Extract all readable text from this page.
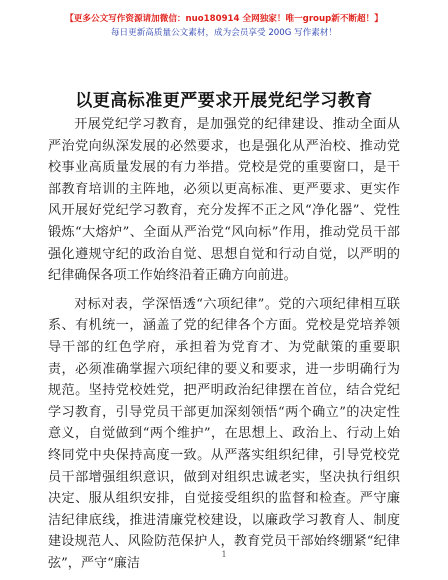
【更多公文写作资源请加微信：nuo180914 全网独家！唯一group新不断超！】
每日更新高质量公文素材，成为会员享受 200G 写作素材！
以更高标准更严要求开展党纪学习教育

开展党纪学习教育，是加强党的纪律建设、推动全面从严治党向纵深发展的必然要求，也是强化从严治校、推动党校事业高质量发展的有力举措。党校是党的重要窗口，是干部教育培训的主阵地，必须以更高标准、更严要求、更实作风开展好党纪学习教育，充分发挥不正之风“净化器”、党性锻炼“大熔炉”、全面从严治党“风向标”作用，推动党员干部强化遵规守纪的政治自觉、思想自觉和行动自觉，以严明的纪律确保各项工作始终沿着正确方向前进。

对标对表，学深悟透“六项纪律”。党的六项纪律相互联系、有机统一，涵盖了党的纪律各个方面。党校是党培养领导干部的红色学府，承担着为党育才、为党献策的重要职责，必须准确掌握六项纪律的要义和要求，进一步明确行为规范。坚持党校姓党，把严明政治纪律摆在首位，结合党纪学习教育，引导党员干部更加深刻领悟“两个确立”的决定性意义，自觉做到“两个维护”，在思想上、政治上、行动上始终同党中央保持高度一致。从严落实组织纪律，引导党校党员干部增强组织意识，做到对组织忠诚老实，坚决执行组织决定、服从组织安排，自觉接受组织的监督和检查。严守廉洁纪律底线，推进清廉党校建设，以廉政学习教育人、制度建设规范人、风险防范保护人，教育党员干部始终绷紧“纪律弦”，严守“廉洁

1
